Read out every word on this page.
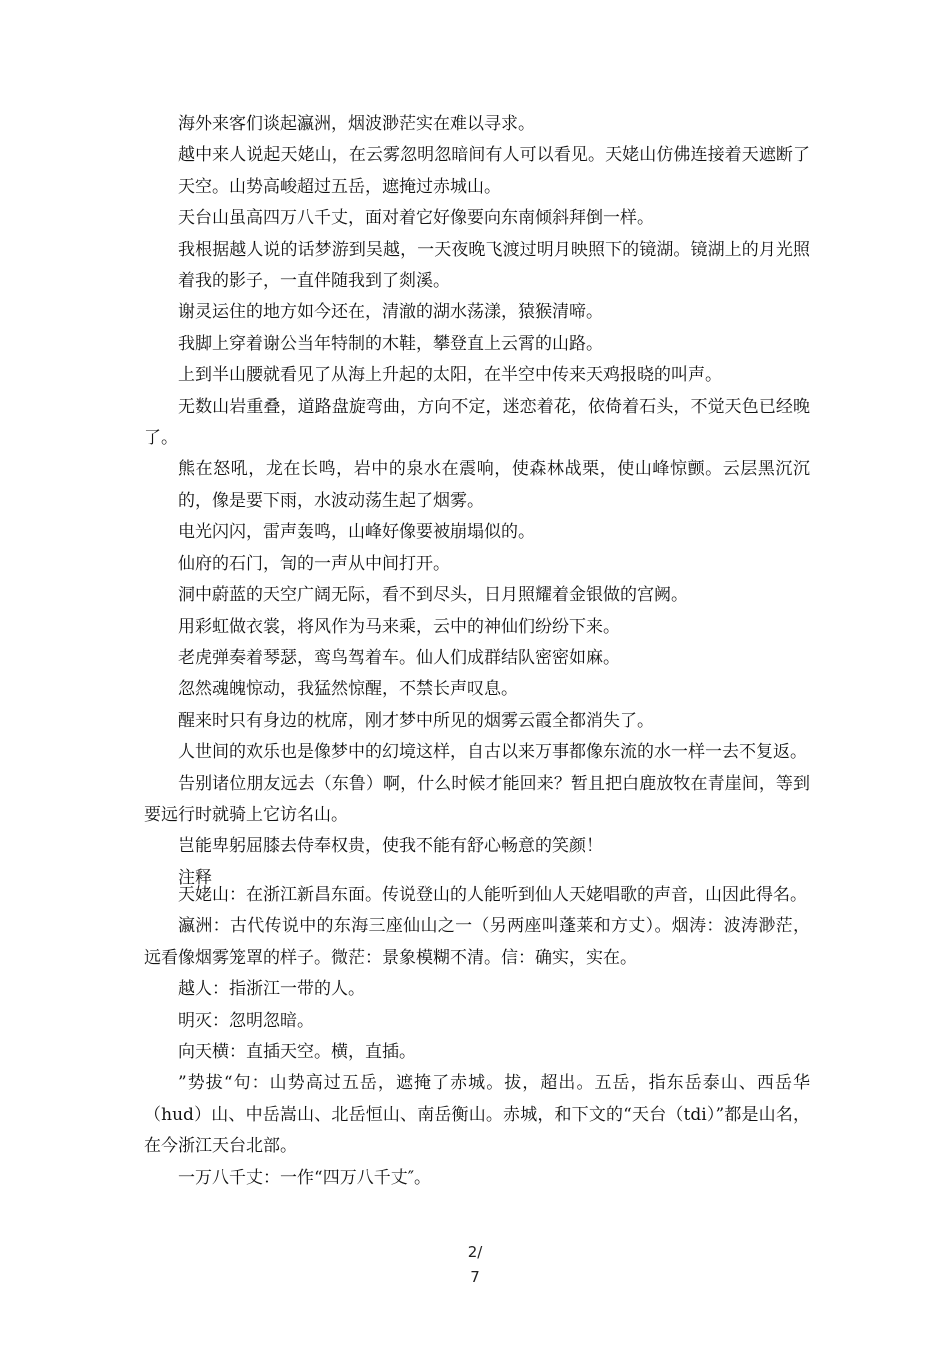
海外来客们谈起瀛洲，烟波渺茫实在难以寻求。

越中来人说起天姥山，在云雾忽明忽暗间有人可以看见。天姥山仿佛连接着天遮断了天空。山势高峻超过五岳，遮掩过赤城山。

天台山虽高四万八千丈，面对着它好像要向东南倾斜拜倒一样。

我根据越人说的话梦游到吴越，一天夜晚飞渡过明月映照下的镜湖。镜湖上的月光照着我的影子，一直伴随我到了剡溪。

谢灵运住的地方如今还在，清澈的湖水荡漾，猿猴清啼。

我脚上穿着谢公当年特制的木鞋，攀登直上云霄的山路。

上到半山腰就看见了从海上升起的太阳，在半空中传来天鸡报晓的叫声。

无数山岩重叠，道路盘旋弯曲，方向不定，迷恋着花，依倚着石头，不觉天色已经晚了。

熊在怒吼，龙在长鸣，岩中的泉水在震响，使森林战栗，使山峰惊颤。云层黑沉沉的，像是要下雨，水波动荡生起了烟雾。

电光闪闪，雷声轰鸣，山峰好像要被崩塌似的。

仙府的石门，訇的一声从中间打开。

洞中蔚蓝的天空广阔无际，看不到尽头，日月照耀着金银做的宫阙。

用彩虹做衣裳，将风作为马来乘，云中的神仙们纷纷下来。

老虎弹奏着琴瑟，鸾鸟驾着车。仙人们成群结队密密如麻。

忽然魂魄惊动，我猛然惊醒，不禁长声叹息。

醒来时只有身边的枕席，刚才梦中所见的烟雾云霞全都消失了。

人世间的欢乐也是像梦中的幻境这样，自古以来万事都像东流的水一样一去不复返。

告别诸位朋友远去（东鲁）啊，什么时候才能回来？暂且把白鹿放牧在青崖间，等到要远行时就骑上它访名山。

岂能卑躬屈膝去侍奉权贵，使我不能有舒心畅意的笑颜！

注释

天姥山：在浙江新昌东面。传说登山的人能听到仙人天姥唱歌的声音，山因此得名。

瀛洲：古代传说中的东海三座仙山之一（另两座叫蓬莱和方丈）。烟涛：波涛渺茫，远看像烟雾笼罩的样子。微茫：景象模糊不清。信：确实，实在。

越人：指浙江一带的人。

明灭：忽明忽暗。

向天横：直插天空。横，直插。

”势拔“句：山势高过五岳，遮掩了赤城。拔，超出。五岳，指东岳泰山、西岳华（hud）山、中岳嵩山、北岳恒山、南岳衡山。赤城，和下文的“天台（tdi）”都是山名，在今浙江天台北部。

一万八千丈：一作“四万八千丈″。

2/
7
